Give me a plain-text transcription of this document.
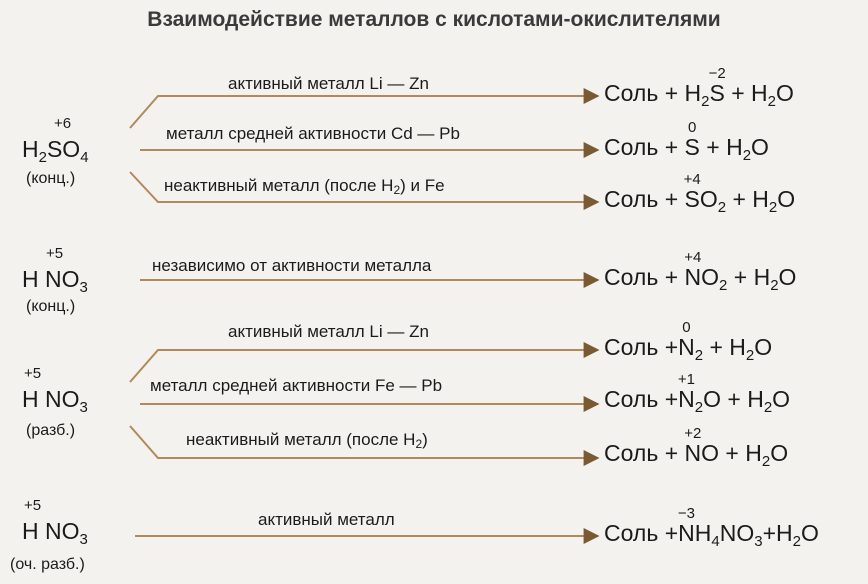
Взаимодействие металлов с кислотами-окислителями
+6
$H_2SO_4$
(конц.)
+5
H $NO_3$
(конц.)
+5
H $NO_3$
(разб.)
+5
H $NO_3$
(оч. разб.)
активный металл Li — Zn
металл средней активности Cd — Pb
неактивный металл (после $H_2$) и Fe
независимо от активности металла
активный металл Li — Zn
металл средней активности Fe — Pb
неактивный металл (после $H_2$)
активный металл
Соль + $H_2$
−2
$S + H_2O$
Соль +
0
$S + H_2O$
Соль +
+4
$SO_2 + H_2O$
Соль +
+4
$NO_2 + H_2O$
Соль +
0
$N_2 + H_2O$
Соль +
+1
$N_2O + H_2O$
Соль +
+2
NO + $H_2O$
Соль +
−3
$NH_4NO_3+H_2O$
